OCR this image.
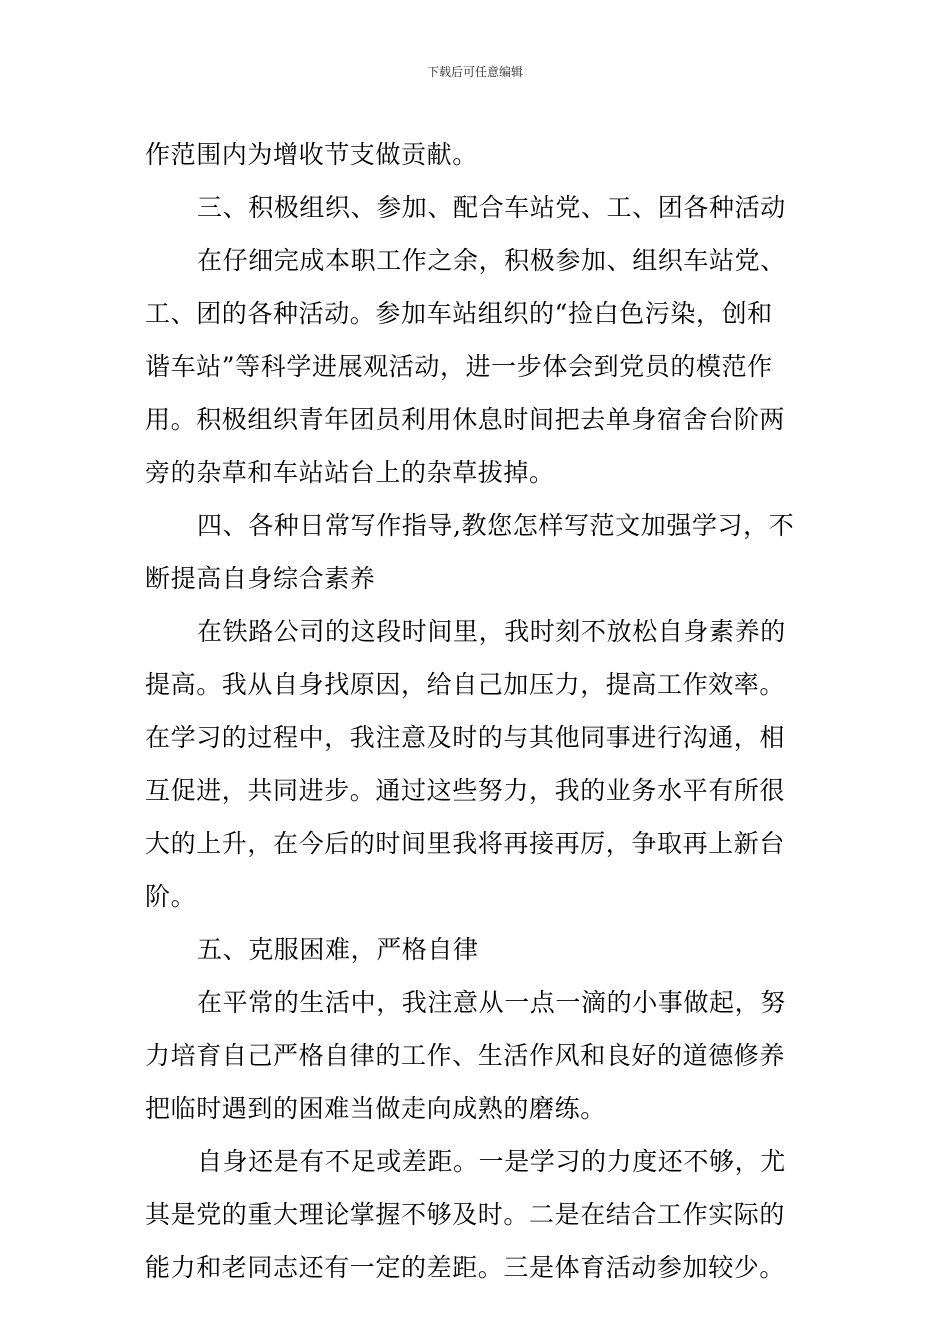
下载后可任意编辑
作范围内为增收节支做贡献。
三、积极组织、参加、配合车站党、工、团各种活动
在仔细完成本职工作之余，积极参加、组织车站党、
工、团的各种活动。参加车站组织的“捡白色污染，创和
谐车站”等科学进展观活动，进一步体会到党员的模范作
用。积极组织青年团员利用休息时间把去单身宿舍台阶两
旁的杂草和车站站台上的杂草拔掉。
四、各种日常写作指导,教您怎样写范文加强学习，不
断提高自身综合素养
在铁路公司的这段时间里，我时刻不放松自身素养的
提高。我从自身找原因，给自己加压力，提高工作效率。
在学习的过程中，我注意及时的与其他同事进行沟通，相
互促进，共同进步。通过这些努力，我的业务水平有所很
大的上升，在今后的时间里我将再接再厉，争取再上新台
阶。
五、克服困难，严格自律
在平常的生活中，我注意从一点一滴的小事做起，努
力培育自己严格自律的工作、生活作风和良好的道德修养
把临时遇到的困难当做走向成熟的磨练。
自身还是有不足或差距。一是学习的力度还不够，尤
其是党的重大理论掌握不够及时。二是在结合工作实际的
能力和老同志还有一定的差距。三是体育活动参加较少。
